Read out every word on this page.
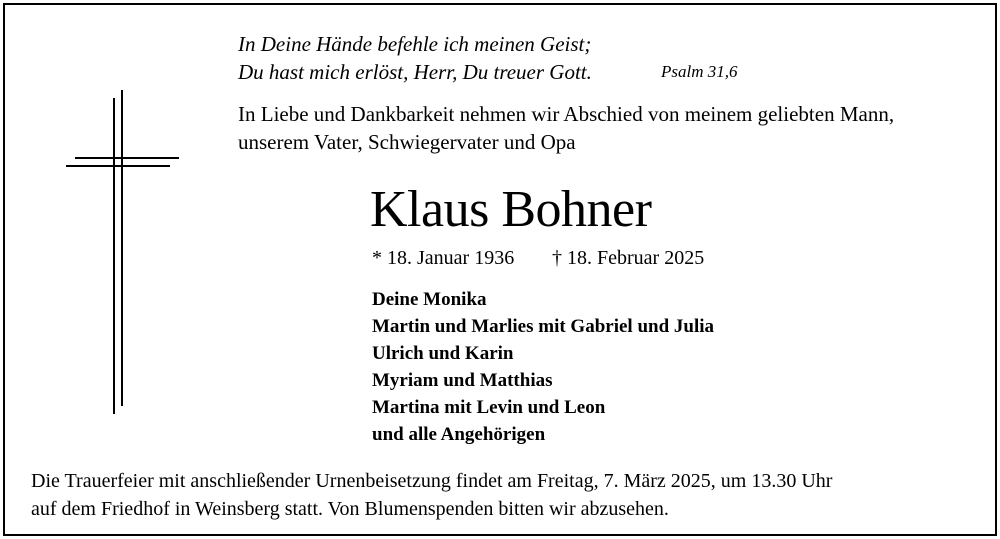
In Deine Hände befehle ich meinen Geist;
Du hast mich erlöst, Herr, Du treuer Gott.	Psalm 31,6
In Liebe und Dankbarkeit nehmen wir Abschied von meinem geliebten Mann,
unserem Vater, Schwiegervater und Opa
Klaus Bohner
* 18. Januar 1936 † 18. Februar 2025
Deine Monika
Martin und Marlies mit Gabriel und Julia
Ulrich und Karin
Myriam und Matthias
Martina mit Levin und Leon
und alle Angehörigen
Die Trauerfeier mit anschließender Urnenbeisetzung findet am Freitag, 7. März 2025, um 13.30 Uhr
auf dem Friedhof in Weinsberg statt. Von Blumenspenden bitten wir abzusehen.
